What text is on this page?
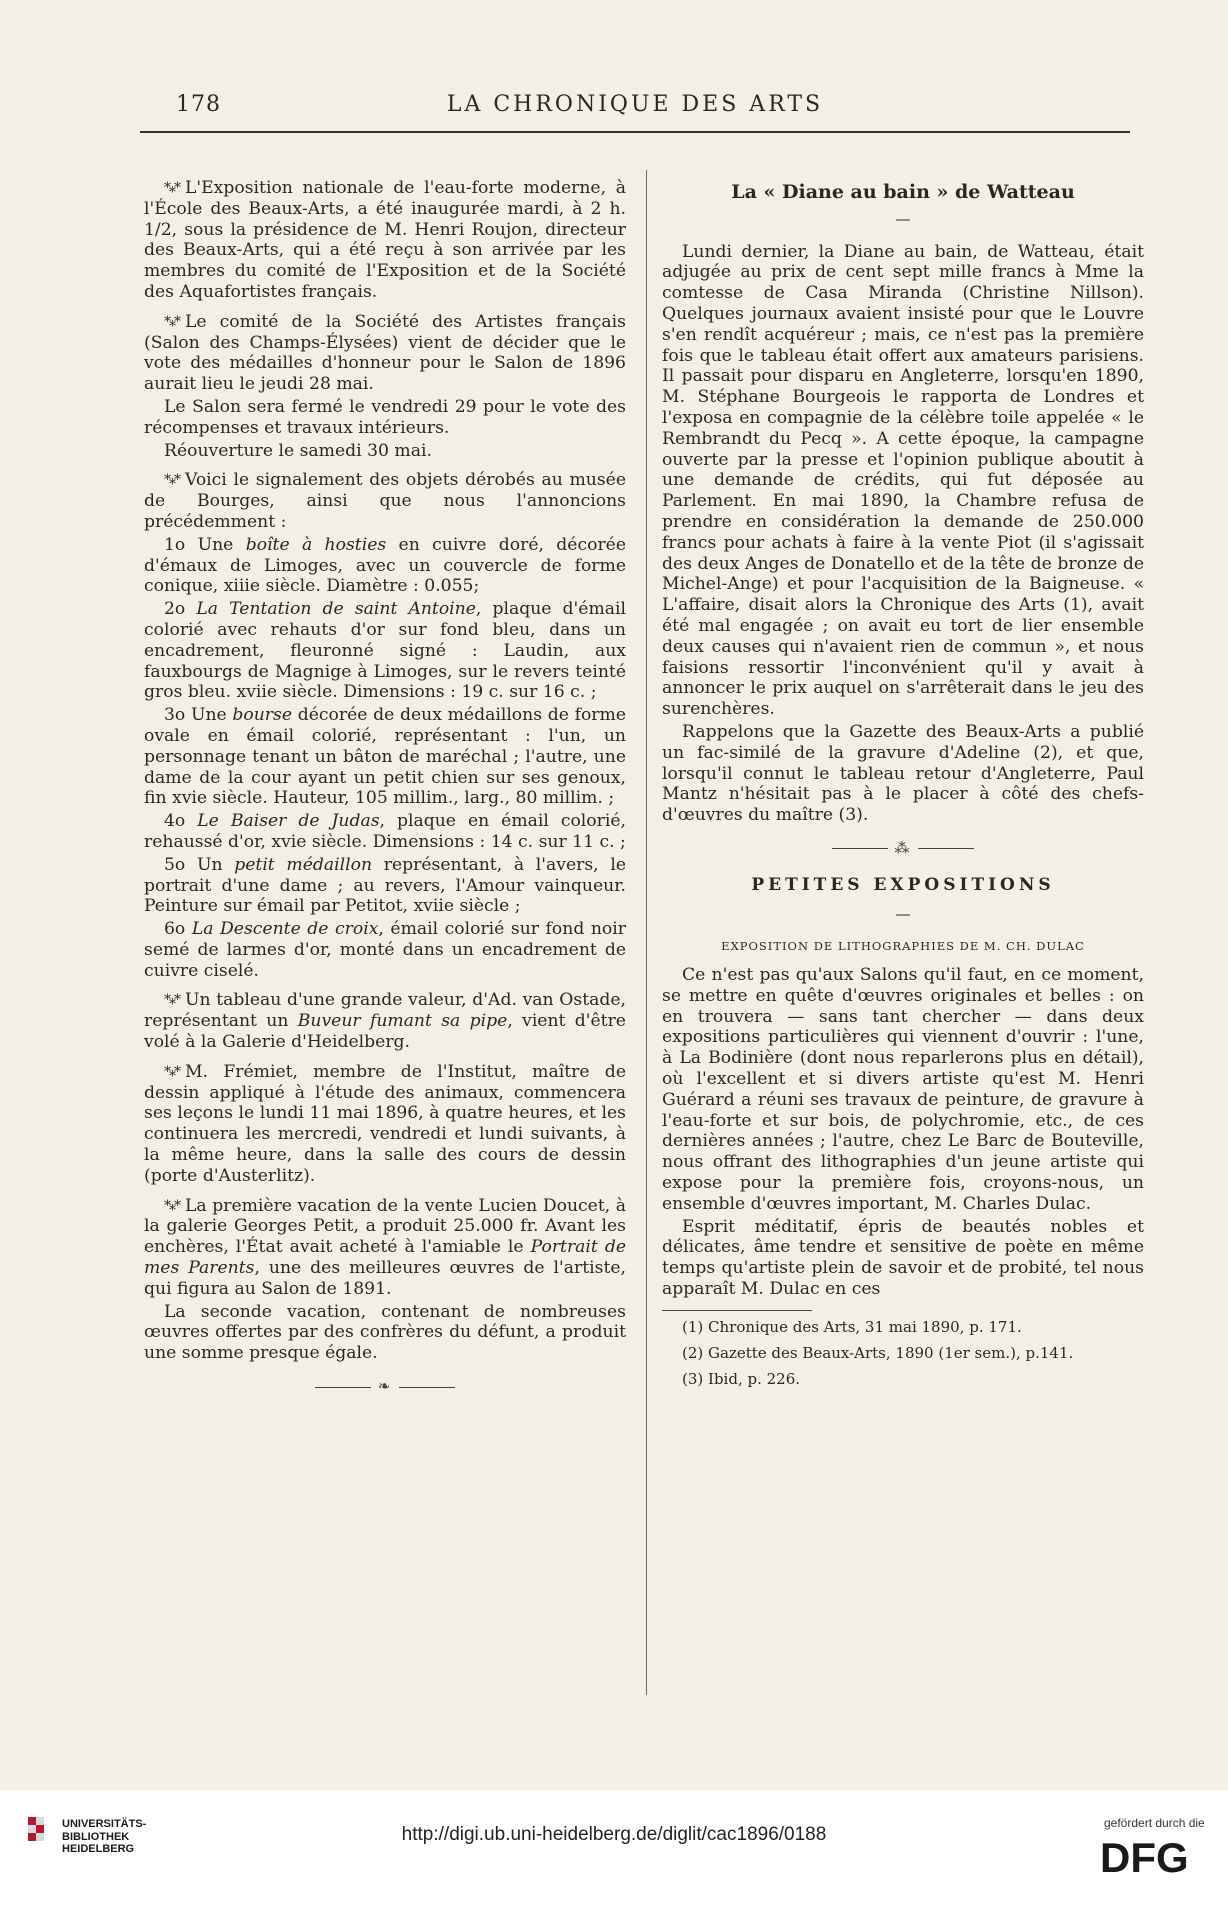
178	LA CHRONIQUE DES ARTS

*⁎* L'Exposition nationale de l'eau-forte moderne, à l'École des Beaux-Arts, a été inaugurée mardi, à 2 h. 1/2, sous la présidence de M. Henri Roujon, directeur des Beaux-Arts, qui a été reçu à son arrivée par les membres du comité de l'Exposition et de la Société des Aquafortistes français.

*⁎* Le comité de la Société des Artistes français (Salon des Champs-Élysées) vient de décider que le vote des médailles d'honneur pour le Salon de 1896 aurait lieu le jeudi 28 mai.

Le Salon sera fermé le vendredi 29 pour le vote des récompenses et travaux intérieurs.

Réouverture le samedi 30 mai.

*⁎* Voici le signalement des objets dérobés au musée de Bourges, ainsi que nous l'annoncions précédemment :

1o Une boîte à hosties en cuivre doré, décorée d'émaux de Limoges, avec un couvercle de forme conique, xiiie siècle. Diamètre : 0.055;

2o La Tentation de saint Antoine, plaque d'émail colorié avec rehauts d'or sur fond bleu, dans un encadrement, fleuronné signé : Laudin, aux fauxbourgs de Magnige à Limoges, sur le revers teinté gros bleu. xviie siècle. Dimensions : 19 c. sur 16 c. ;

3o Une bourse décorée de deux médaillons de forme ovale en émail colorié, représentant : l'un, un personnage tenant un bâton de maréchal ; l'autre, une dame de la cour ayant un petit chien sur ses genoux, fin xvie siècle. Hauteur, 105 millim., larg., 80 millim. ;

4o Le Baiser de Judas, plaque en émail colorié, rehaussé d'or, xvie siècle. Dimensions : 14 c. sur 11 c. ;

5o Un petit médaillon représentant, à l'avers, le portrait d'une dame ; au revers, l'Amour vainqueur. Peinture sur émail par Petitot, xviie siècle ;

6o La Descente de croix, émail colorié sur fond noir semé de larmes d'or, monté dans un encadrement de cuivre ciselé.

*⁎* Un tableau d'une grande valeur, d'Ad. van Ostade, représentant un Buveur fumant sa pipe, vient d'être volé à la Galerie d'Heidelberg.

*⁎* M. Frémiet, membre de l'Institut, maître de dessin appliqué à l'étude des animaux, commencera ses leçons le lundi 11 mai 1896, à quatre heures, et les continuera les mercredi, vendredi et lundi suivants, à la même heure, dans la salle des cours de dessin (porte d'Austerlitz).

*⁎* La première vacation de la vente Lucien Doucet, à la galerie Georges Petit, a produit 25.000 fr. Avant les enchères, l'État avait acheté à l'amiable le Portrait de mes Parents, une des meilleures œuvres de l'artiste, qui figura au Salon de 1891.

La seconde vacation, contenant de nombreuses œuvres offertes par des confrères du défunt, a produit une somme presque égale.

❧
La « Diane au bain » de Watteau
—

Lundi dernier, la Diane au bain, de Watteau, était adjugée au prix de cent sept mille francs à Mme la comtesse de Casa Miranda (Christine Nillson). Quelques journaux avaient insisté pour que le Louvre s'en rendît acquéreur ; mais, ce n'est pas la première fois que le tableau était offert aux amateurs parisiens. Il passait pour disparu en Angleterre, lorsqu'en 1890, M. Stéphane Bourgeois le rapporta de Londres et l'exposa en compagnie de la célèbre toile appelée « le Rembrandt du Pecq ». A cette époque, la campagne ouverte par la presse et l'opinion publique aboutit à une demande de crédits, qui fut déposée au Parlement. En mai 1890, la Chambre refusa de prendre en considération la demande de 250.000 francs pour achats à faire à la vente Piot (il s'agissait des deux Anges de Donatello et de la tête de bronze de Michel-Ange) et pour l'acquisition de la Baigneuse. « L'affaire, disait alors la Chronique des Arts (1), avait été mal engagée ; on avait eu tort de lier ensemble deux causes qui n'avaient rien de commun », et nous faisions ressortir l'inconvénient qu'il y avait à annoncer le prix auquel on s'arrêterait dans le jeu des surenchères.

Rappelons que la Gazette des Beaux-Arts a publié un fac-similé de la gravure d'Adeline (2), et que, lorsqu'il connut le tableau retour d'Angleterre, Paul Mantz n'hésitait pas à le placer à côté des chefs-d'œuvres du maître (3).

⁂
PETITES EXPOSITIONS
—
EXPOSITION DE LITHOGRAPHIES DE M. CH. DULAC

Ce n'est pas qu'aux Salons qu'il faut, en ce moment, se mettre en quête d'œuvres originales et belles : on en trouvera — sans tant chercher — dans deux expositions particulières qui viennent d'ouvrir : l'une, à La Bodinière (dont nous reparlerons plus en détail), où l'excellent et si divers artiste qu'est M. Henri Guérard a réuni ses travaux de peinture, de gravure à l'eau-forte et sur bois, de polychromie, etc., de ces dernières années ; l'autre, chez Le Barc de Bouteville, nous offrant des lithographies d'un jeune artiste qui expose pour la première fois, croyons-nous, un ensemble d'œuvres important, M. Charles Dulac.

Esprit méditatif, épris de beautés nobles et délicates, âme tendre et sensitive de poète en même temps qu'artiste plein de savoir et de probité, tel nous apparaît M. Dulac en ces

(1) Chronique des Arts, 31 mai 1890, p. 171.

(2) Gazette des Beaux-Arts, 1890 (1er sem.), p.141.

(3) Ibid, p. 226.

UNIVERSITÄTS-
BIBLIOTHEK
HEIDELBERG
http://digi.ub.uni-heidelberg.de/diglit/cac1896/0188
gefördert durch die
DFG
